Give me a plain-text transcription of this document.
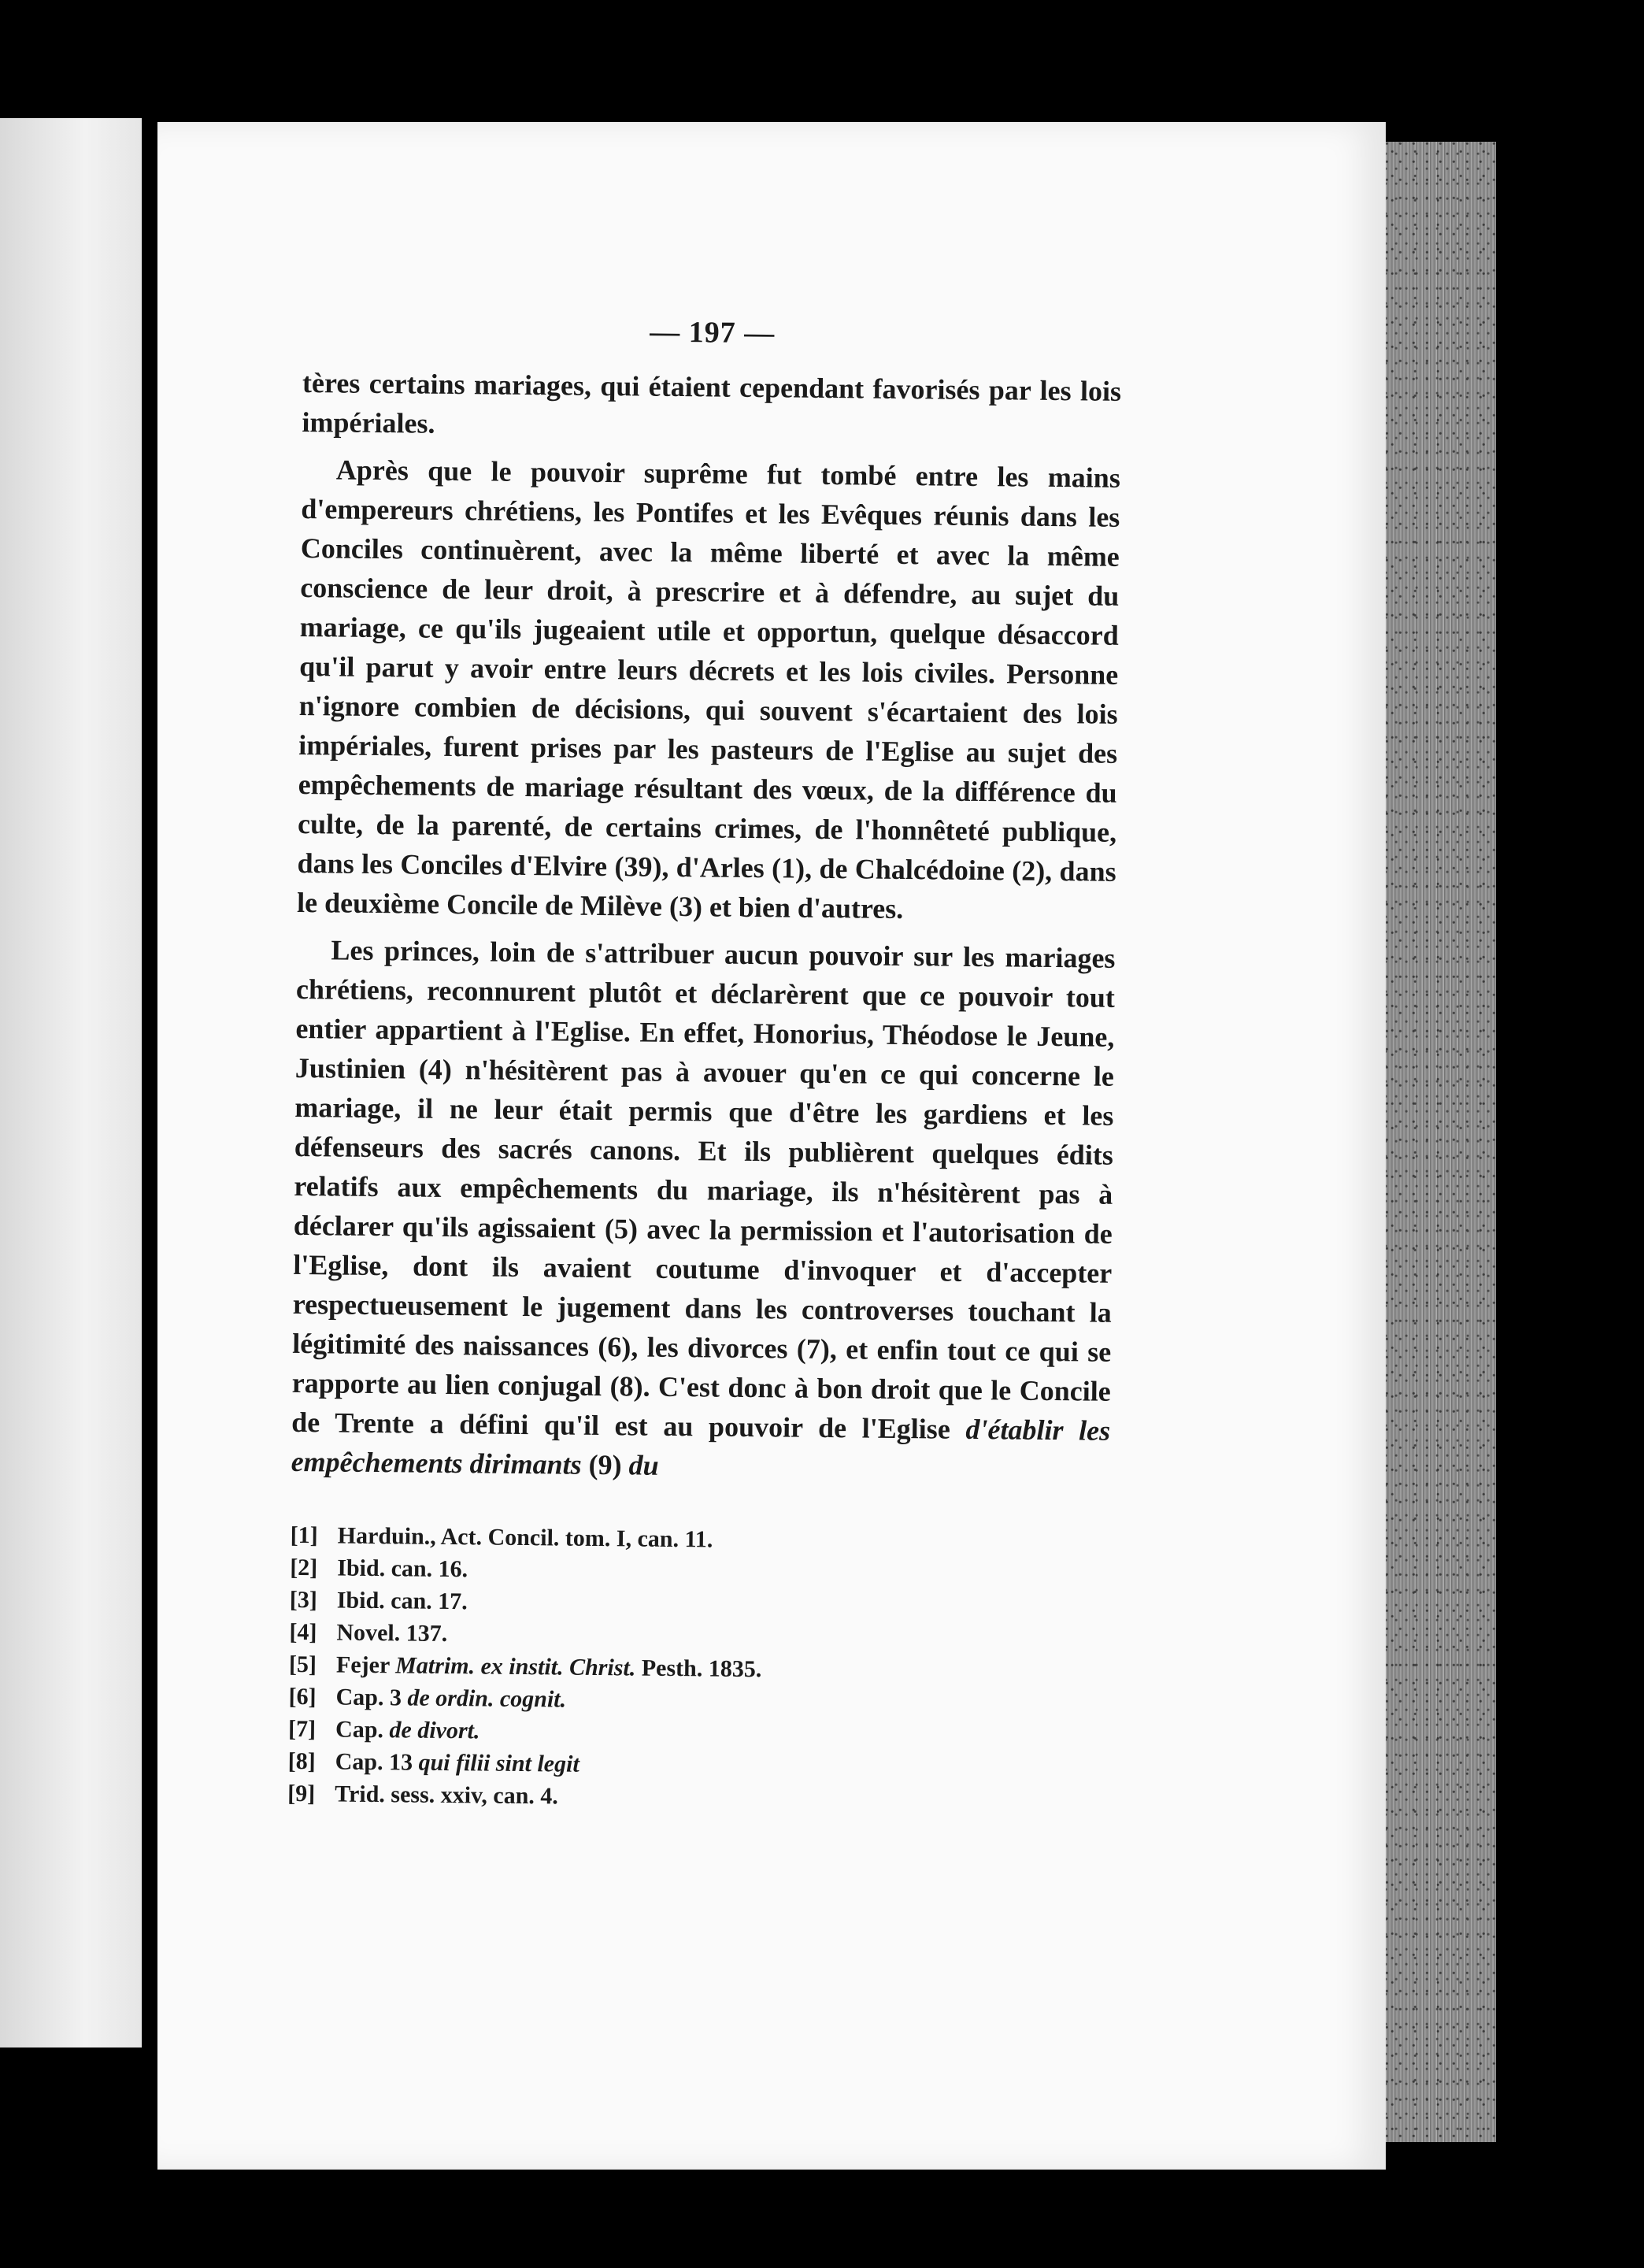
— 197 —

tères certains mariages, qui étaient cependant favorisés par les lois impériales.

Après que le pouvoir suprême fut tombé entre les mains d'empereurs chrétiens, les Pontifes et les Evêques réunis dans les Conciles continuèrent, avec la même liberté et avec la même conscience de leur droit, à prescrire et à défendre, au sujet du mariage, ce qu'ils jugeaient utile et opportun, quelque désaccord qu'il parut y avoir entre leurs décrets et les lois civiles. Personne n'ignore combien de décisions, qui souvent s'écartaient des lois impériales, furent prises par les pasteurs de l'Eglise au sujet des empêchements de mariage résultant des vœux, de la différence du culte, de la parenté, de certains crimes, de l'honnêteté publique, dans les Conciles d'Elvire (39), d'Arles (1), de Chalcédoine (2), dans le deuxième Concile de Milève (3) et bien d'autres.

Les princes, loin de s'attribuer aucun pouvoir sur les mariages chrétiens, reconnurent plutôt et déclarèrent que ce pouvoir tout entier appartient à l'Eglise. En effet, Honorius, Théodose le Jeune, Justinien (4) n'hésitèrent pas à avouer qu'en ce qui concerne le mariage, il ne leur était permis que d'être les gardiens et les défenseurs des sacrés canons. Et ils publièrent quelques édits relatifs aux empêchements du mariage, ils n'hésitèrent pas à déclarer qu'ils agissaient (5) avec la permission et l'autorisation de l'Eglise, dont ils avaient coutume d'invoquer et d'accepter respectueusement le jugement dans les controverses touchant la légitimité des naissances (6), les divorces (7), et enfin tout ce qui se rapporte au lien conjugal (8). C'est donc à bon droit que le Concile de Trente a défini qu'il est au pouvoir de l'Eglise d'établir les empêchements dirimants (9) du

[1] Harduin., Act. Concil. tom. I, can. 11.
[2] Ibid. can. 16.
[3] Ibid. can. 17.
[4] Novel. 137.
[5] Fejer Matrim. ex instit. Christ. Pesth. 1835.
[6] Cap. 3 de ordin. cognit.
[7] Cap. de divort.
[8] Cap. 13 qui filii sint legit
[9] Trid. sess. xxiv, can. 4.
